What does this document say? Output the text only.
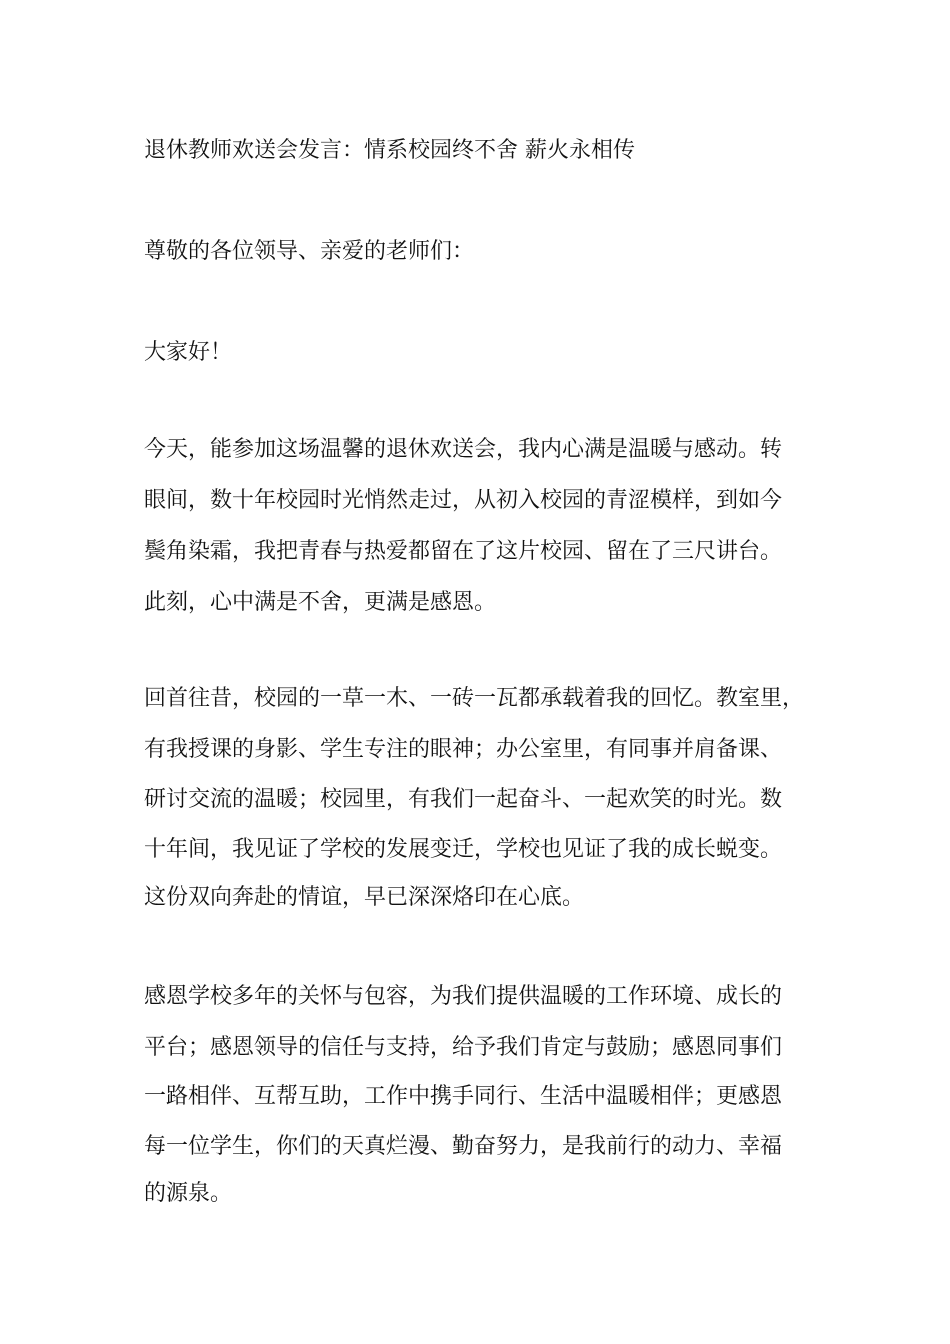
退休教师欢送会发言：情系校园终不舍 薪火永相传
尊敬的各位领导、亲爱的老师们：
大家好！
今天，能参加这场温馨的退休欢送会，我内心满是温暖与感动。转
眼间，数十年校园时光悄然走过，从初入校园的青涩模样，到如今
鬓角染霜，我把青春与热爱都留在了这片校园、留在了三尺讲台。
此刻，心中满是不舍，更满是感恩。
回首往昔，校园的一草一木、一砖一瓦都承载着我的回忆。教室里，
有我授课的身影、学生专注的眼神；办公室里，有同事并肩备课、
研讨交流的温暖；校园里，有我们一起奋斗、一起欢笑的时光。数
十年间，我见证了学校的发展变迁，学校也见证了我的成长蜕变。
这份双向奔赴的情谊，早已深深烙印在心底。
感恩学校多年的关怀与包容，为我们提供温暖的工作环境、成长的
平台；感恩领导的信任与支持，给予我们肯定与鼓励；感恩同事们
一路相伴、互帮互助，工作中携手同行、生活中温暖相伴；更感恩
每一位学生，你们的天真烂漫、勤奋努力，是我前行的动力、幸福
的源泉。
